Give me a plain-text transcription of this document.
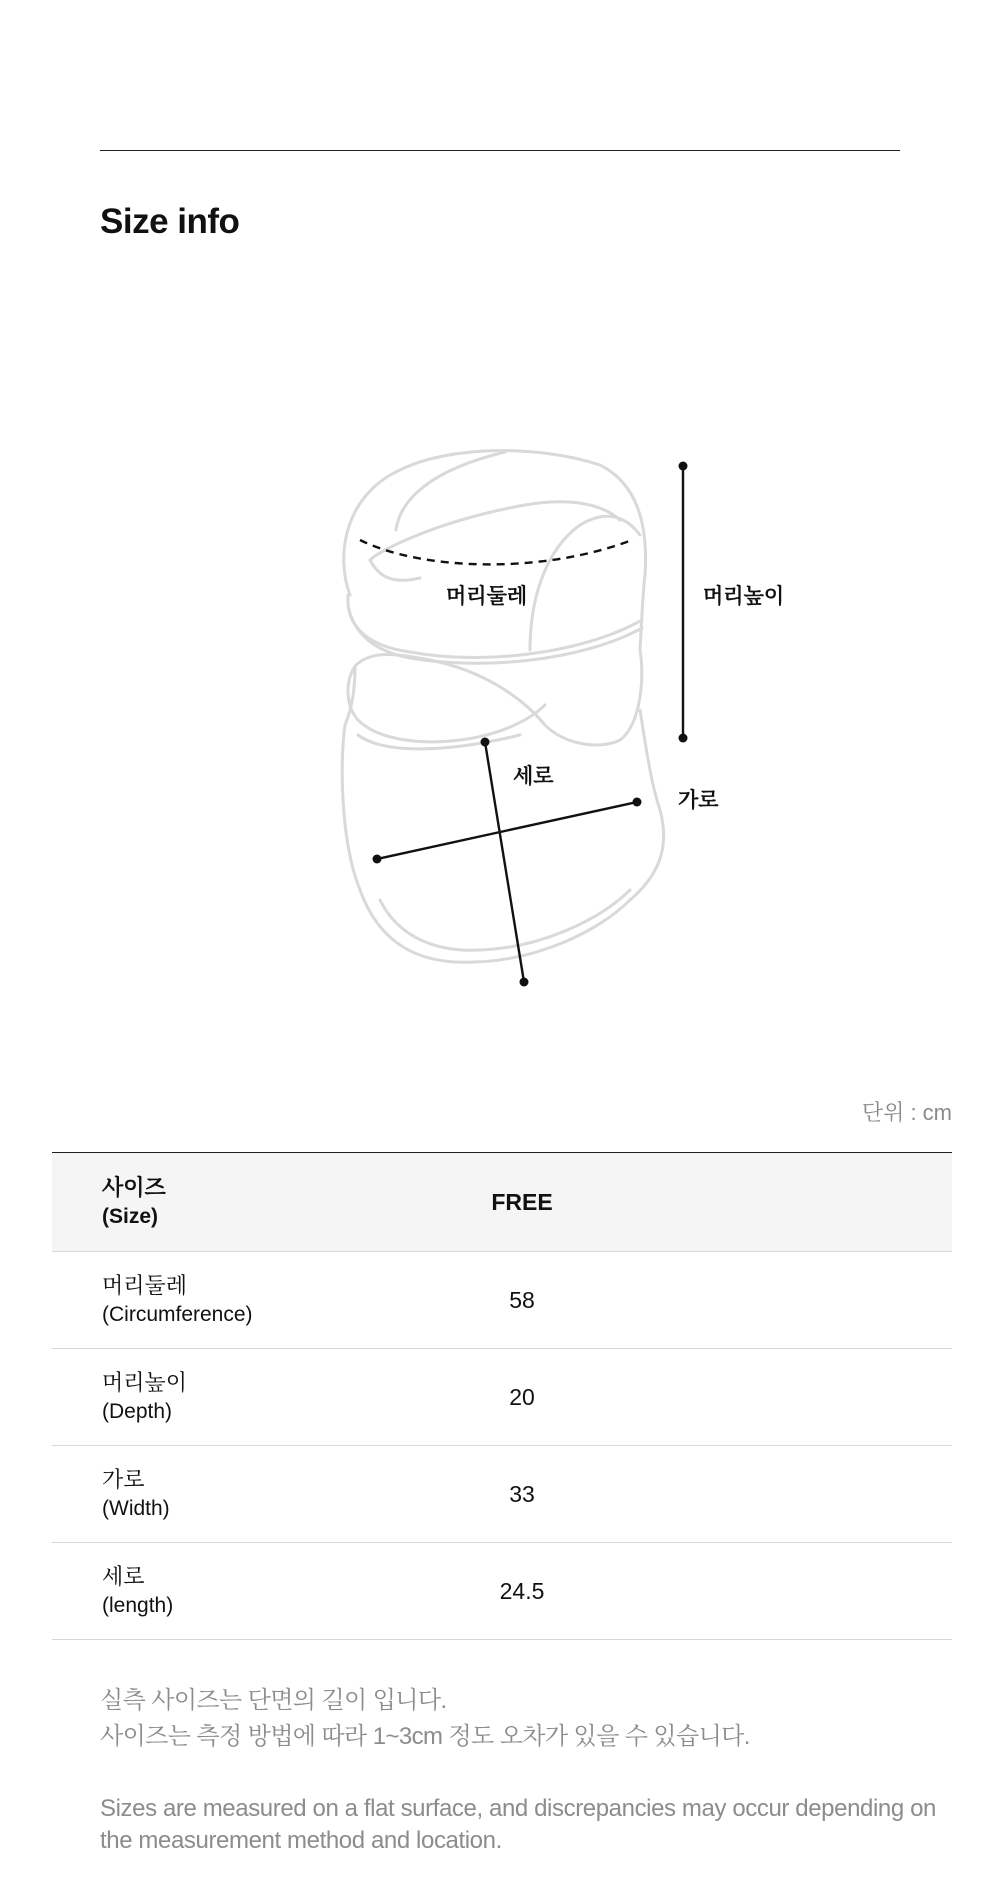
Size info
머리둘레	머리높이
세로
가로
단위 : cm
사이즈
(Size)	FREE

머리둘레
(Circumference)	58

머리높이
(Depth)	20

가로
(Width)	33

세로
(length)	24.5
실측 사이즈는 단면의 길이 입니다.
사이즈는 측정 방법에 따라 1~3cm 정도 오차가 있을 수 있습니다.
Sizes are measured on a flat surface, and discrepancies may occur depending on the measurement method and location.
